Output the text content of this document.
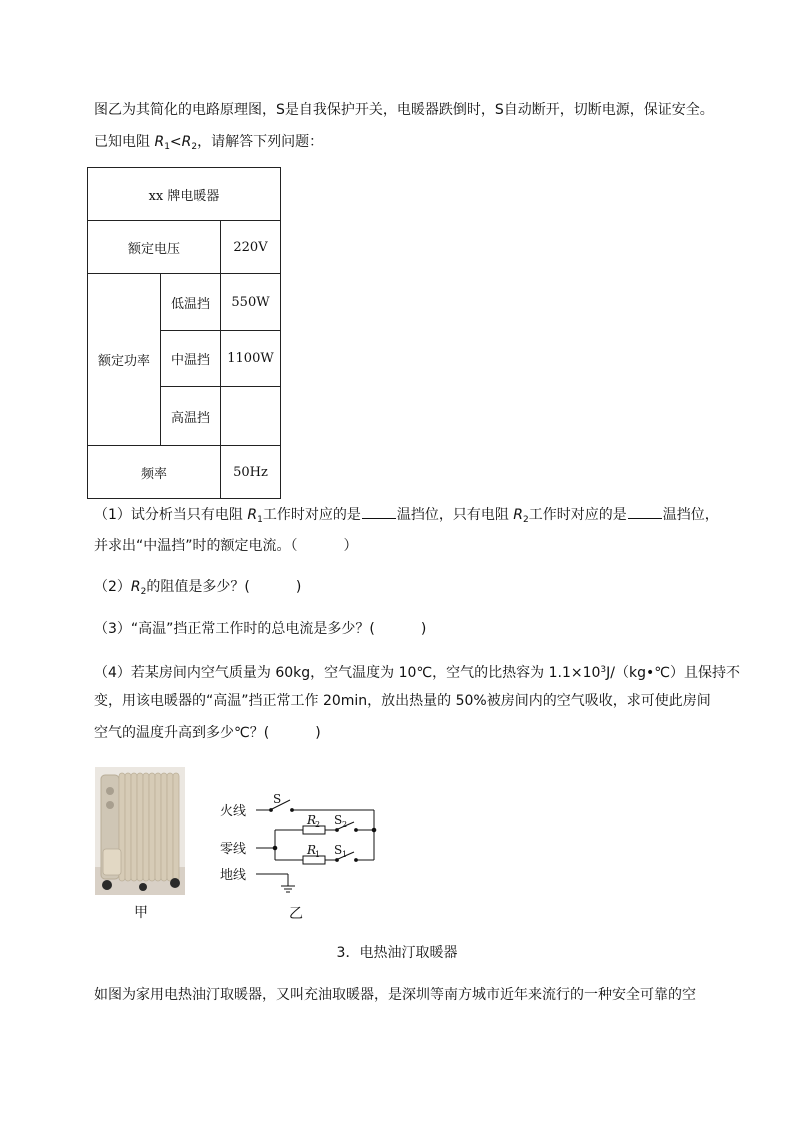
图乙为其简化的电路原理图，S是自我保护开关，电暖器跌倒时，S自动断开，切断电源，保证安全。
已知电阻 $R_1<R_2$，请解答下列问题：
xx 牌电暖器		
额定电压		220V
额定功率	低温挡	550W
	中温挡	1100W
	高温挡	
频率		50Hz
（1）试分析当只有电阻 $R_1$工作时对应的是	温挡位，只有电阻 $R_2$工作时对应的是	温挡位，
并求出“中温挡”时的额定电流。（	）
$(2)R_2$的阻值是多少？(	)
（3）“高温”挡正常工作时的总电流是多少？(	)
（4）若某房间内空气质量为 60kg，空气温度为 10℃，空气的比热容为 $1.1\times 10^3J/(kg•℃)$且保持不
变，用该电暖器的“高温”挡正常工作 20min，放出热量的 50%被房间内的空气吸收，求可使此房间
空气的温度升高到多少℃？(	)
甲
火线
零线
地线
S
R
2 S 2
R
1 S 1
乙
3．电热油汀取暖器
如图为家用电热油汀取暖器，又叫充油取暖器，是深圳等南方城市近年来流行的一种安全可靠的空
